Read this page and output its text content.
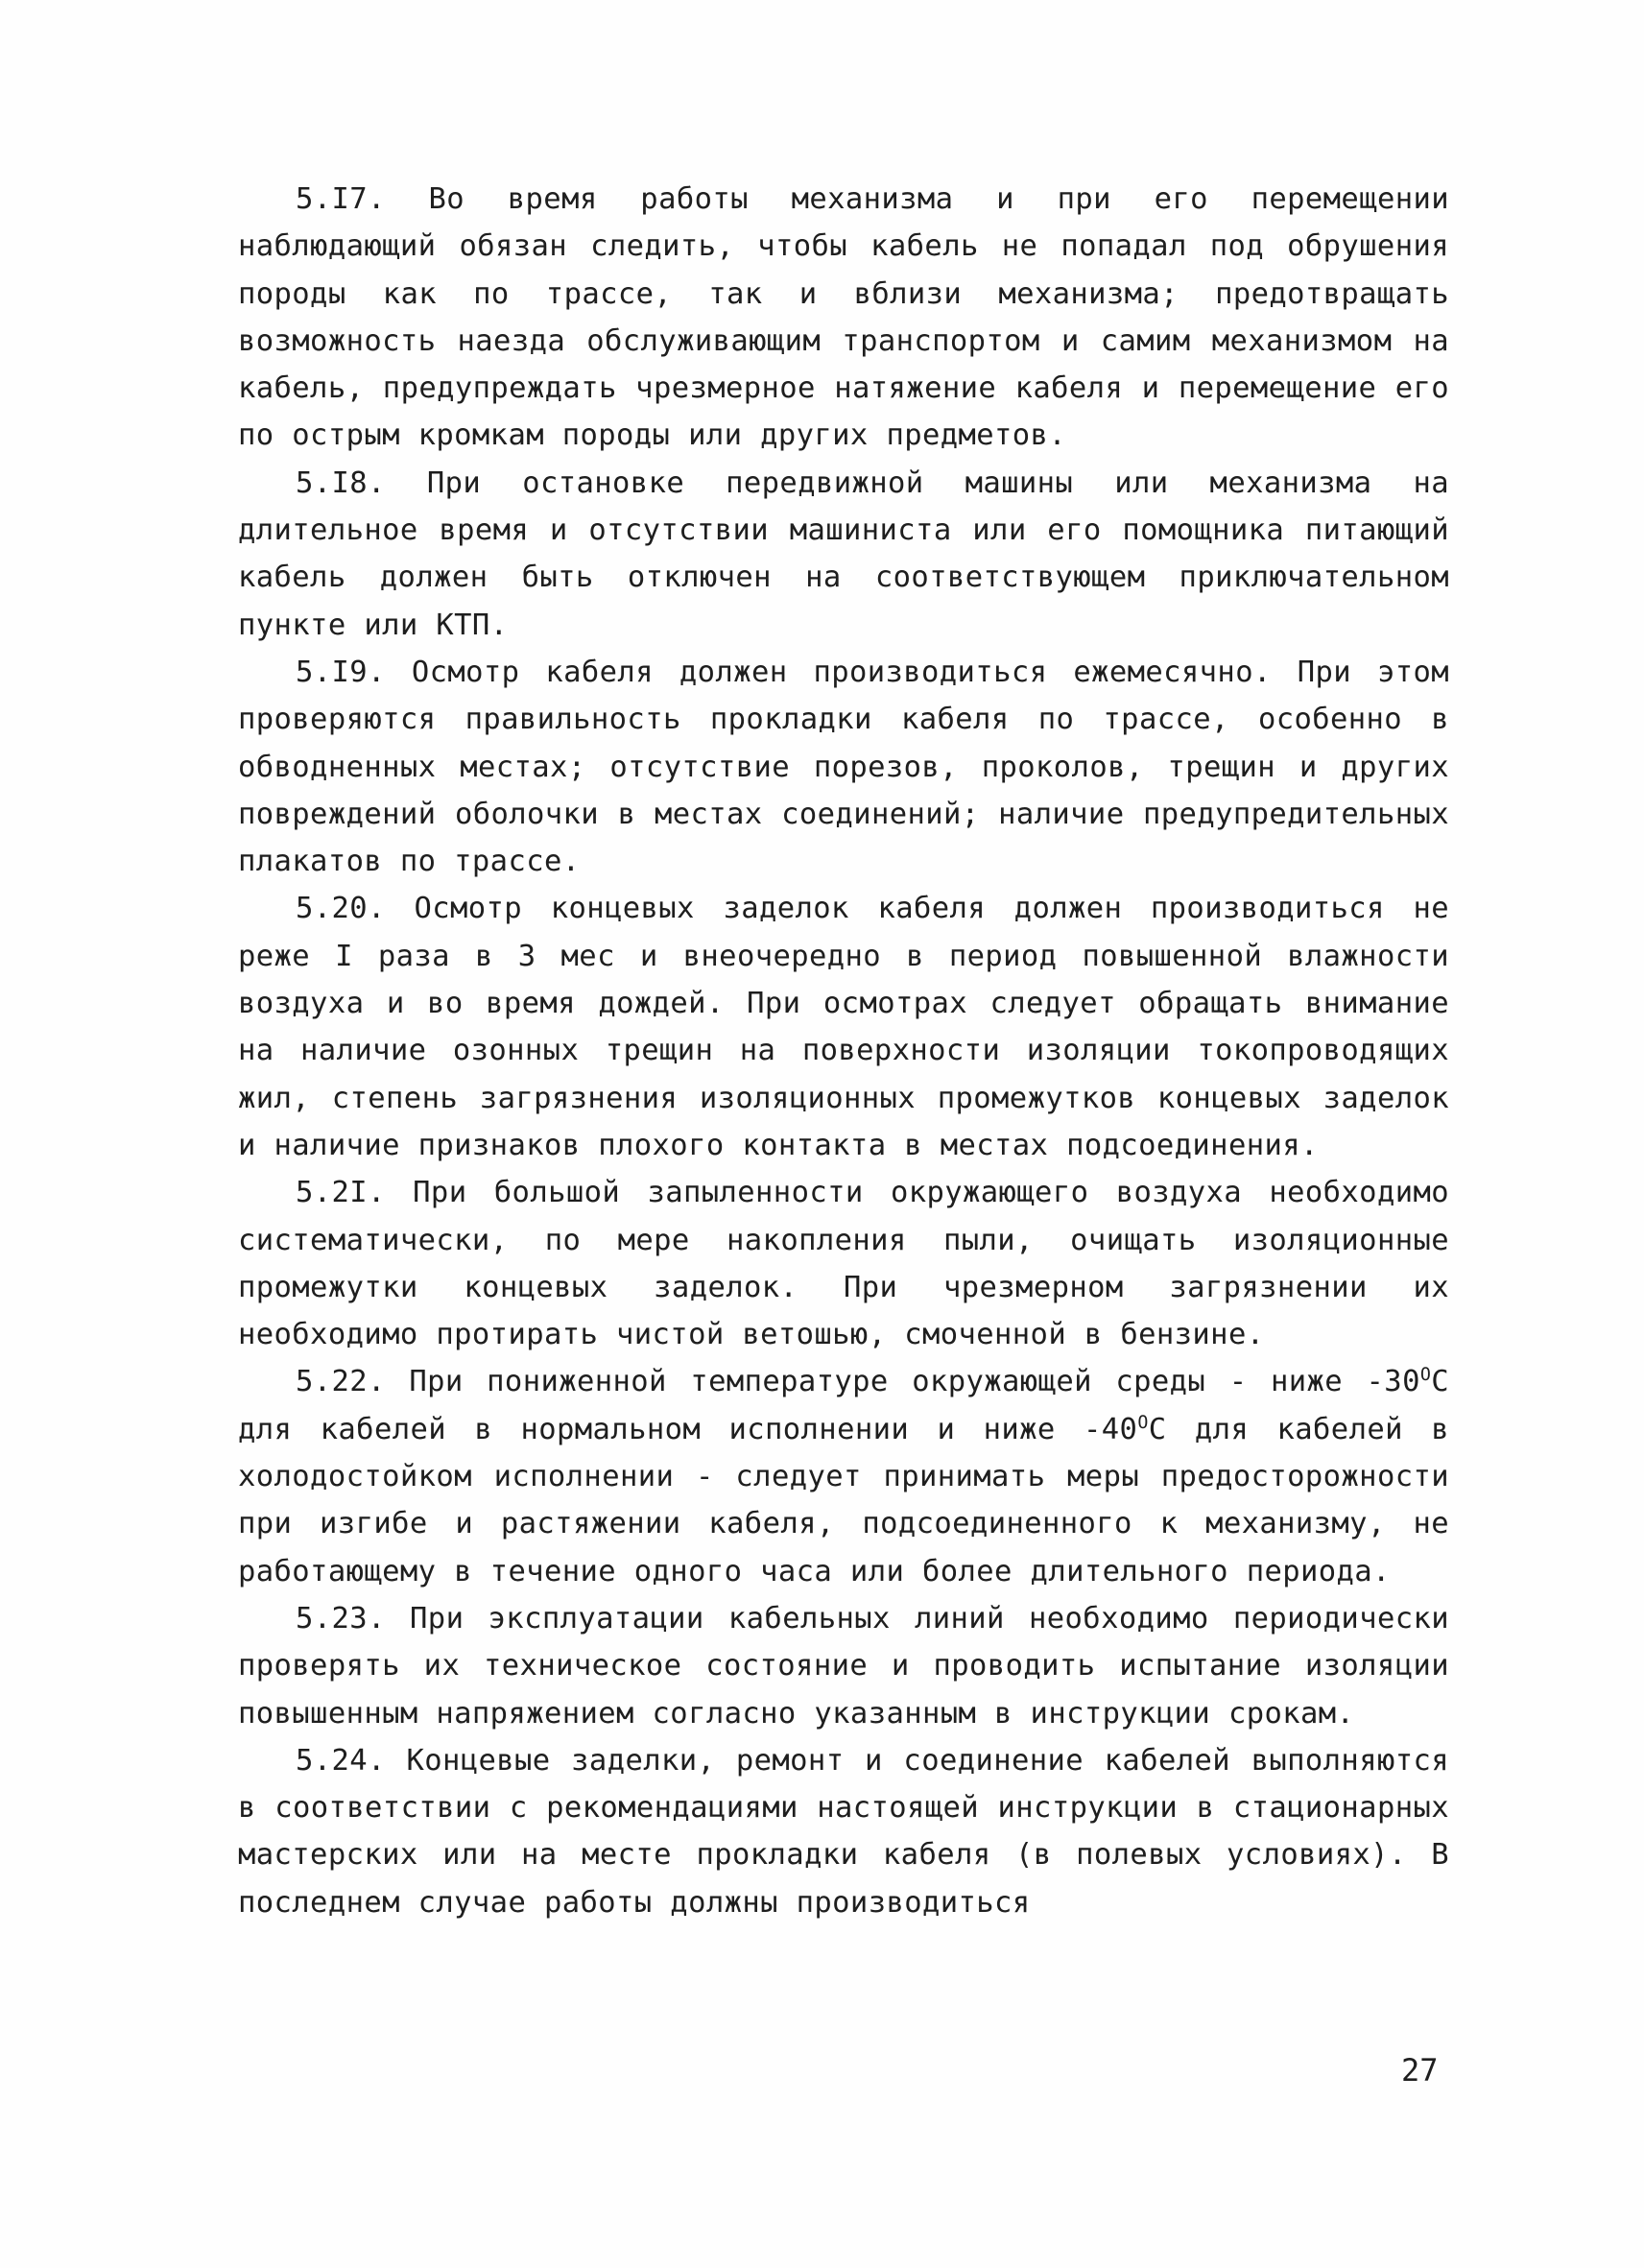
5.I7. Во время работы механизма и при его перемещении наблюдающий обязан следить, чтобы кабель не попадал под обрушения породы как по трассе, так и вблизи механизма; предотвращать возможность наезда обслуживающим транспортом и самим механизмом на кабель, предупреждать чрезмерное натяжение кабеля и перемещение его по острым кромкам породы или других предметов.

5.I8. При остановке передвижной машины или механизма на длительное время и отсутствии машиниста или его помощника питающий кабель должен быть отключен на соответствующем приключательном пункте или КТП.

5.I9. Осмотр кабеля должен производиться ежемесячно. При этом проверяются правильность прокладки кабеля по трассе, особенно в обводненных местах; отсутствие порезов, проколов, трещин и других повреждений оболочки в местах соединений; наличие предупредительных плакатов по трассе.

5.20. Осмотр концевых заделок кабеля должен производиться не реже I раза в 3 мес и внеочередно в период повышенной влажности воздуха и во время дождей. При осмотрах следует обращать внимание на наличие озонных трещин на поверхности изоляции токопроводящих жил, степень загрязнения изоляционных промежутков концевых заделок и наличие признаков плохого контакта в местах подсоединения.

5.2I. При большой запыленности окружающего воздуха необходимо систематически, по мере накопления пыли, очищать изоляционные промежутки концевых заделок. При чрезмерном загрязнении их необходимо протирать чистой ветошью, смоченной в бензине.

5.22. При пониженной температуре окружающей среды - ниже $-30^ОС$ для кабелей в нормальном исполнении и ниже $-40^ОС$ для кабелей в холодостойком исполнении - следует принимать меры предосторожности при изгибе и растяжении кабеля, подсоединенного к механизму, не работающему в течение одного часа или более длительного периода.

5.23. При эксплуатации кабельных линий необходимо периодически проверять их техническое состояние и проводить испытание изоляции повышенным напряжением согласно указанным в инструкции срокам.

5.24. Концевые заделки, ремонт и соединение кабелей выполняются в соответствии с рекомендациями настоящей инструкции в стационарных мастерских или на месте прокладки кабеля (в полевых условиях). В последнем случае работы должны производиться

27
